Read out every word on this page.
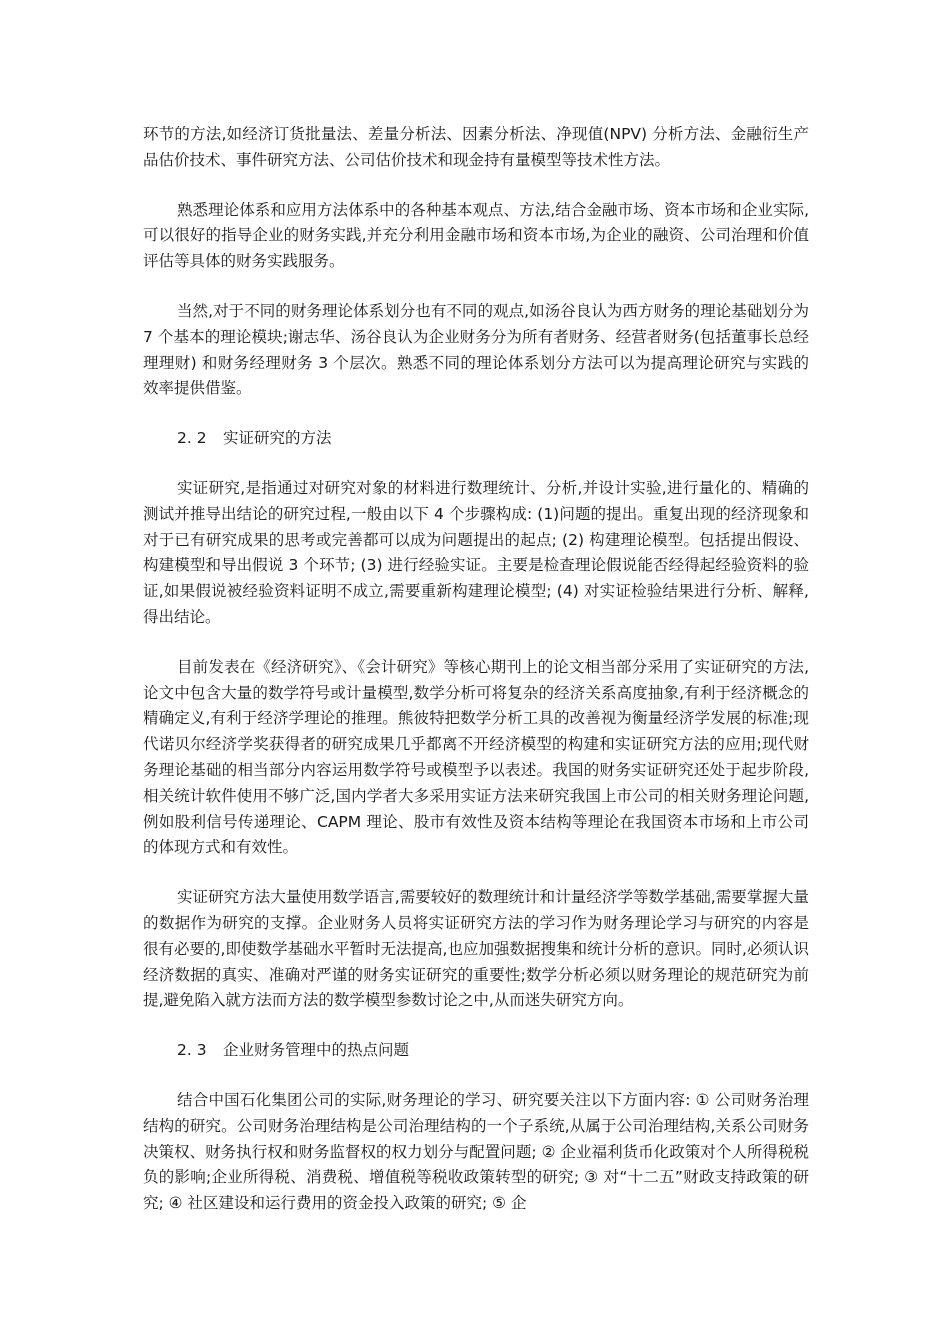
环节的方法,如经济订货批量法、差量分析法、因素分析法、净现值(NPV) 分析方法、金融衍生产品估价技术、事件研究方法、公司估价技术和现金持有量模型等技术性方法。

熟悉理论体系和应用方法体系中的各种基本观点、方法,结合金融市场、资本市场和企业实际,可以很好的指导企业的财务实践,并充分利用金融市场和资本市场,为企业的融资、公司治理和价值评估等具体的财务实践服务。

当然,对于不同的财务理论体系划分也有不同的观点,如汤谷良认为西方财务的理论基础划分为 7 个基本的理论模块;谢志华、汤谷良认为企业财务分为所有者财务、经营者财务(包括董事长总经理理财) 和财务经理财务 3 个层次。熟悉不同的理论体系划分方法可以为提高理论研究与实践的效率提供借鉴。

2. 2 实证研究的方法

实证研究,是指通过对研究对象的材料进行数理统计、分析,并设计实验,进行量化的、精确的测试并推导出结论的研究过程,一般由以下 4 个步骤构成: (1)问题的提出。重复出现的经济现象和对于已有研究成果的思考或完善都可以成为问题提出的起点; (2) 构建理论模型。包括提出假设、构建模型和导出假说 3 个环节; (3) 进行经验实证。主要是检查理论假说能否经得起经验资料的验证,如果假说被经验资料证明不成立,需要重新构建理论模型; (4) 对实证检验结果进行分析、解释,得出结论。

目前发表在《经济研究》、《会计研究》等核心期刊上的论文相当部分采用了实证研究的方法,论文中包含大量的数学符号或计量模型,数学分析可将复杂的经济关系高度抽象,有利于经济概念的精确定义,有利于经济学理论的推理。熊彼特把数学分析工具的改善视为衡量经济学发展的标准;现代诺贝尔经济学奖获得者的研究成果几乎都离不开经济模型的构建和实证研究方法的应用;现代财务理论基础的相当部分内容运用数学符号或模型予以表述。我国的财务实证研究还处于起步阶段,相关统计软件使用不够广泛,国内学者大多采用实证方法来研究我国上市公司的相关财务理论问题,例如股利信号传递理论、CAPM 理论、股市有效性及资本结构等理论在我国资本市场和上市公司的体现方式和有效性。

实证研究方法大量使用数学语言,需要较好的数理统计和计量经济学等数学基础,需要掌握大量的数据作为研究的支撑。企业财务人员将实证研究方法的学习作为财务理论学习与研究的内容是很有必要的,即使数学基础水平暂时无法提高,也应加强数据搜集和统计分析的意识。同时,必须认识经济数据的真实、准确对严谨的财务实证研究的重要性;数学分析必须以财务理论的规范研究为前提,避免陷入就方法而方法的数学模型参数讨论之中,从而迷失研究方向。

2. 3 企业财务管理中的热点问题

结合中国石化集团公司的实际,财务理论的学习、研究要关注以下方面内容: ① 公司财务治理结构的研究。公司财务治理结构是公司治理结构的一个子系统,从属于公司治理结构,关系公司财务决策权、财务执行权和财务监督权的权力划分与配置问题; ② 企业福利货币化政策对个人所得税税负的影响;企业所得税、消费税、增值税等税收政策转型的研究; ③ 对“十二五”财政支持政策的研究; ④ 社区建设和运行费用的资金投入政策的研究; ⑤ 企
